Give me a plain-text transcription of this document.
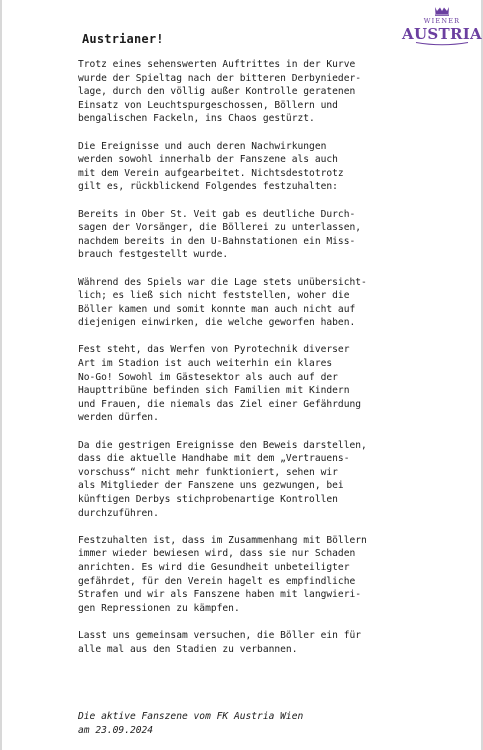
WIENER
AUSTRIA
Austrianer!
Trotz eines sehenswerten Auftrittes in der Kurve
wurde der Spieltag nach der bitteren Derbynieder-
lage, durch den völlig außer Kontrolle geratenen
Einsatz von Leuchtspurgeschossen, Böllern und
bengalischen Fackeln, ins Chaos gestürzt.
Die Ereignisse und auch deren Nachwirkungen
werden sowohl innerhalb der Fanszene als auch
mit dem Verein aufgearbeitet. Nichtsdestotrotz
gilt es, rückblickend Folgendes festzuhalten:
Bereits in Ober St. Veit gab es deutliche Durch-
sagen der Vorsänger, die Böllerei zu unterlassen,
nachdem bereits in den U-Bahnstationen ein Miss-
brauch festgestellt wurde.
Während des Spiels war die Lage stets unübersicht-
lich; es ließ sich nicht feststellen, woher die
Böller kamen und somit konnte man auch nicht auf
diejenigen einwirken, die welche geworfen haben.
Fest steht, das Werfen von Pyrotechnik diverser
Art im Stadion ist auch weiterhin ein klares
No-Go! Sowohl im Gästesektor als auch auf der
Haupttribüne befinden sich Familien mit Kindern
und Frauen, die niemals das Ziel einer Gefährdung
werden dürfen.
Da die gestrigen Ereignisse den Beweis darstellen,
dass die aktuelle Handhabe mit dem „Vertrauens-
vorschuss“ nicht mehr funktioniert, sehen wir
als Mitglieder der Fanszene uns gezwungen, bei
künftigen Derbys stichprobenartige Kontrollen
durchzuführen.
Festzuhalten ist, dass im Zusammenhang mit Böllern
immer wieder bewiesen wird, dass sie nur Schaden
anrichten. Es wird die Gesundheit unbeteiligter
gefährdet, für den Verein hagelt es empfindliche
Strafen und wir als Fanszene haben mit langwieri-
gen Repressionen zu kämpfen.
Lasst uns gemeinsam versuchen, die Böller ein für
alle mal aus den Stadien zu verbannen.
Die aktive Fanszene vom FK Austria Wien
am 23.09.2024
